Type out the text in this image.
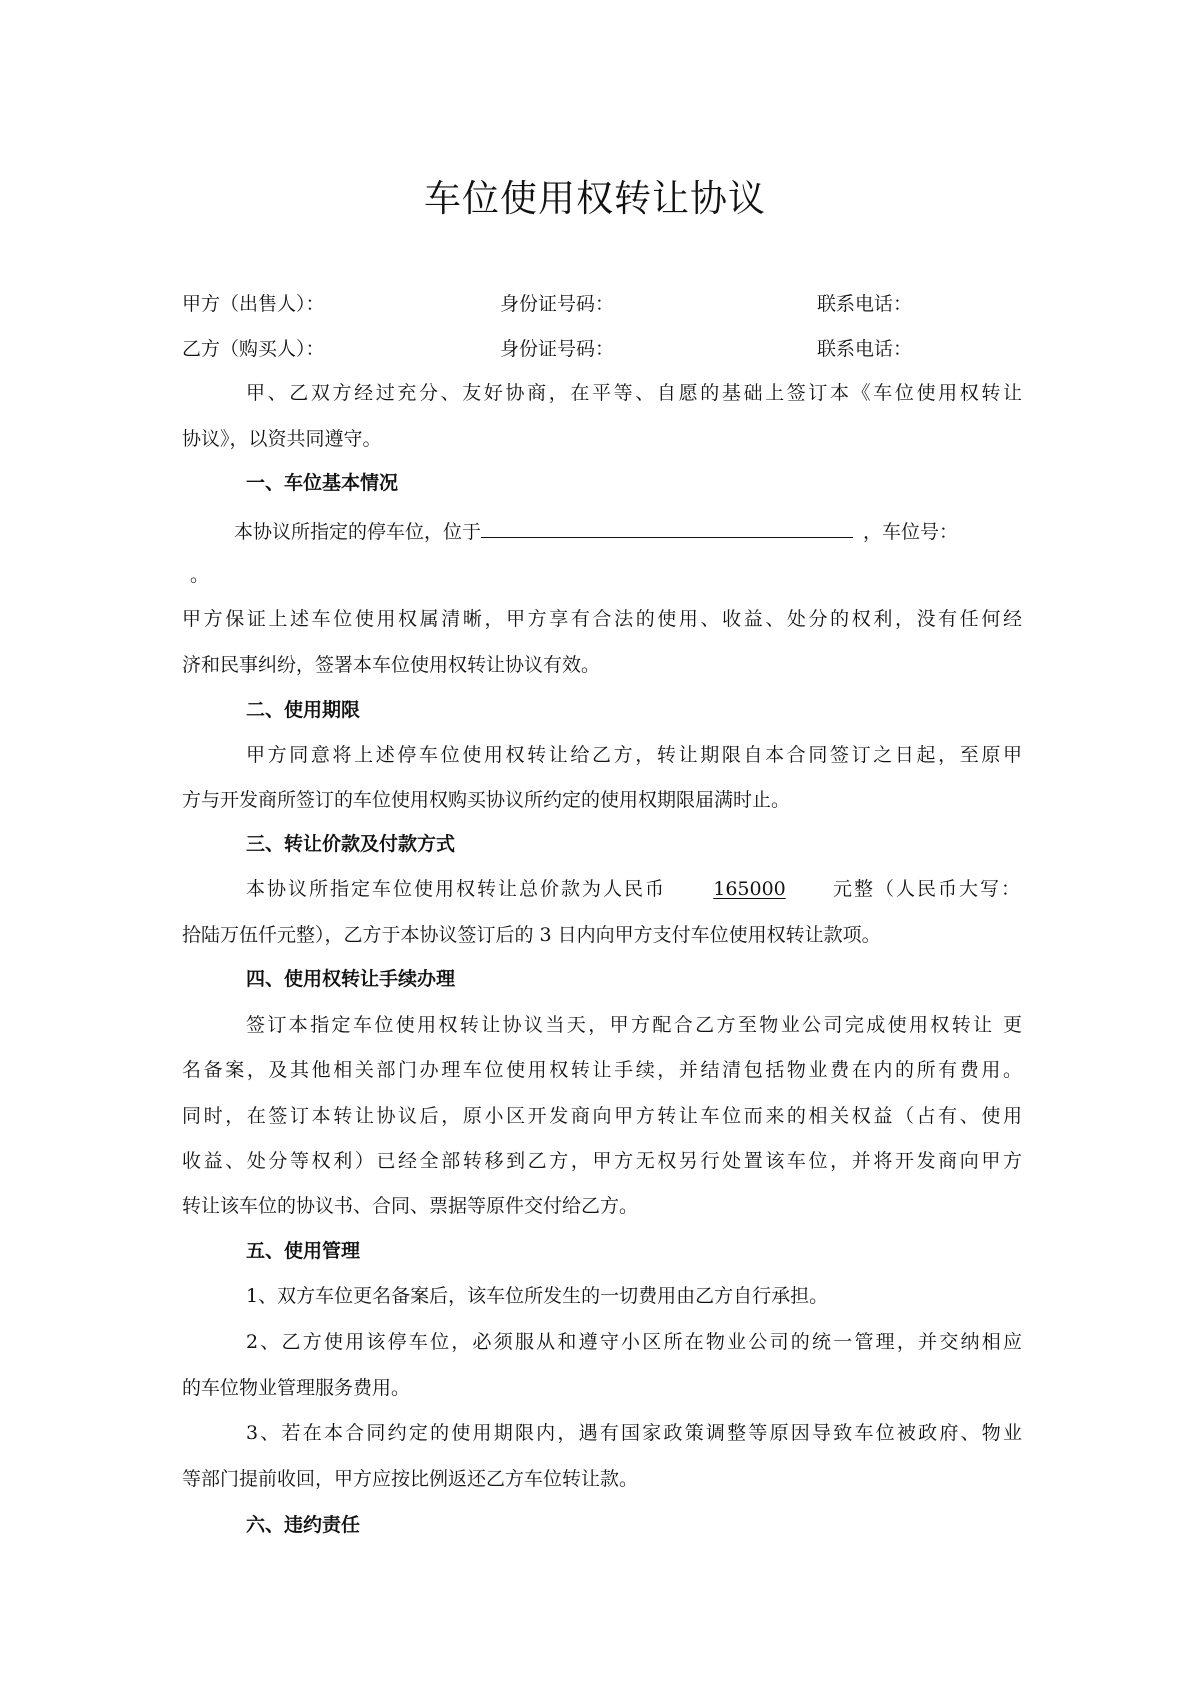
车位使用权转让协议
甲方（出售人）：	身份证号码：	联系电话：
乙方（购买人）：	身份证号码：	联系电话：
甲、乙双方经过充分、友好协商，在平等、自愿的基础上签订本《车位使用权转让
协议》，以资共同遵守。
一、车位基本情况
本协议所指定的停车位，位于	，车位号：
。
甲方保证上述车位使用权属清晰，甲方享有合法的使用、收益、处分的权利，没有任何经
济和民事纠纷，签署本车位使用权转让协议有效。
二、使用期限
甲方同意将上述停车位使用权转让给乙方，转让期限自本合同签订之日起，至原甲
方与开发商所签订的车位使用权购买协议所约定的使用权期限届满时止。
三、转让价款及付款方式
本协议所指定车位使用权转让总价款为人民币 165000 元整（人民币大写：
拾陆万伍仟元整），乙方于本协议签订后的 3 日内向甲方支付车位使用权转让款项。
四、使用权转让手续办理
签订本指定车位使用权转让协议当天，甲方配合乙方至物业公司完成使用权转让 更
名备案，及其他相关部门办理车位使用权转让手续，并结清包括物业费在内的所有费用。
同时，在签订本转让协议后，原小区开发商向甲方转让车位而来的相关权益（占有、使用
收益、处分等权利）已经全部转移到乙方，甲方无权另行处置该车位，并将开发商向甲方
转让该车位的协议书、合同、票据等原件交付给乙方。
五、使用管理
1、双方车位更名备案后，该车位所发生的一切费用由乙方自行承担。
2、乙方使用该停车位，必须服从和遵守小区所在物业公司的统一管理，并交纳相应
的车位物业管理服务费用。
3、若在本合同约定的使用期限内，遇有国家政策调整等原因导致车位被政府、物业
等部门提前收回，甲方应按比例返还乙方车位转让款。
六、违约责任
